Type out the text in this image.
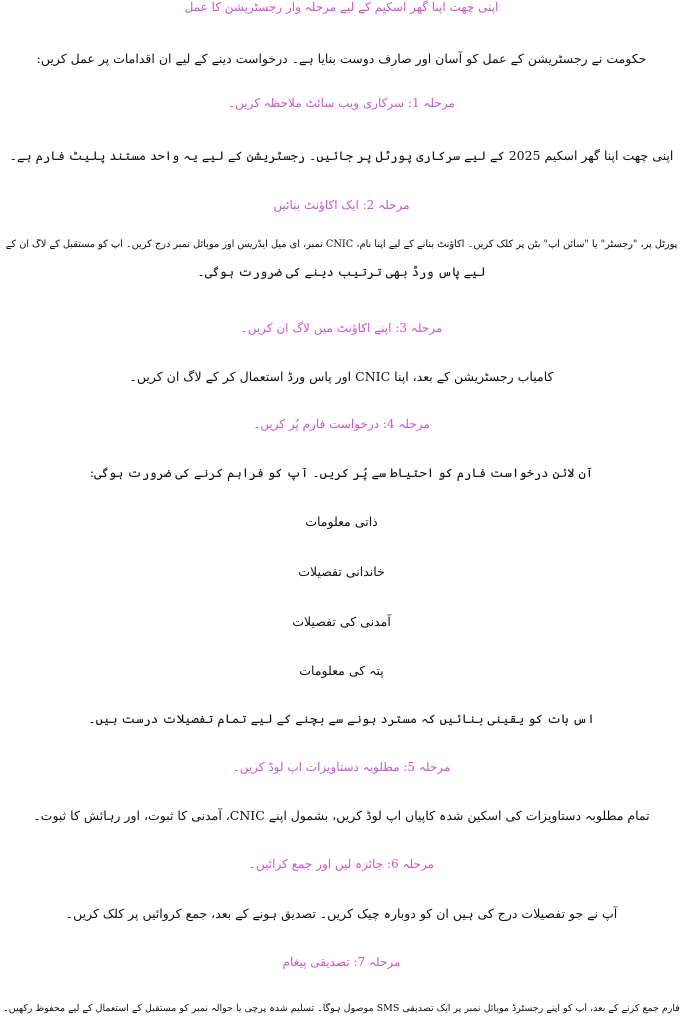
اپنی چھت اپنا گھر اسکیم کے لیے مرحلہ وار رجسٹریشن کا عمل
حکومت نے رجسٹریشن کے عمل کو آسان اور صارف دوست بنایا ہے۔ درخواست دینے کے لیے ان اقدامات پر عمل کریں:
مرحلہ 1: سرکاری ویب سائٹ ملاحظہ کریں۔
اپنی چھت اپنا گھر اسکیم 2025 کے لیے سرکاری پورٹل پر جائیں۔ رجسٹریشن کے لیے یہ واحد مستند پلیٹ فارم ہے۔
مرحلہ 2: ایک اکاؤنٹ بنائیں
پورٹل پر، "رجسٹر" یا "سائن اپ" بٹن پر کلک کریں۔ اکاؤنٹ بنانے کے لیے اپنا نام، CNIC نمبر، ای میل ایڈریس اور موبائل نمبر درج کریں۔ آپ کو مستقبل کے لاگ ان کے
لیے پاس ورڈ بھی ترتیب دینے کی ضرورت ہوگی۔
مرحلہ 3: اپنے اکاؤنٹ میں لاگ ان کریں۔
کامیاب رجسٹریشن کے بعد، اپنا CNIC اور پاس ورڈ استعمال کر کے لاگ ان کریں۔
مرحلہ 4: درخواست فارم پُر کریں۔
آن لائن درخواست فارم کو احتیاط سے پُر کریں۔ آپ کو فراہم کرنے کی ضرورت ہوگی:
ذاتی معلومات
خاندانی تفصیلات
آمدنی کی تفصیلات
پتہ کی معلومات
اس بات کو یقینی بنائیں کہ مسترد ہونے سے بچنے کے لیے تمام تفصیلات درست ہیں۔
مرحلہ 5: مطلوبہ دستاویزات اپ لوڈ کریں۔
تمام مطلوبہ دستاویزات کی اسکین شدہ کاپیاں اپ لوڈ کریں، بشمول اپنے CNIC، آمدنی کا ثبوت، اور رہائش کا ثبوت۔
مرحلہ 6: جائزہ لیں اور جمع کرائیں۔
آپ نے جو تفصیلات درج کی ہیں ان کو دوبارہ چیک کریں۔ تصدیق ہونے کے بعد، جمع کروائیں پر کلک کریں۔
مرحلہ 7: تصدیقی پیغام
فارم جمع کرنے کے بعد، آپ کو اپنے رجسٹرڈ موبائل نمبر پر ایک تصدیقی SMS موصول ہوگا۔ تسلیم شدہ پرچی یا حوالہ نمبر کو مستقبل کے استعمال کے لیے محفوظ رکھیں۔
